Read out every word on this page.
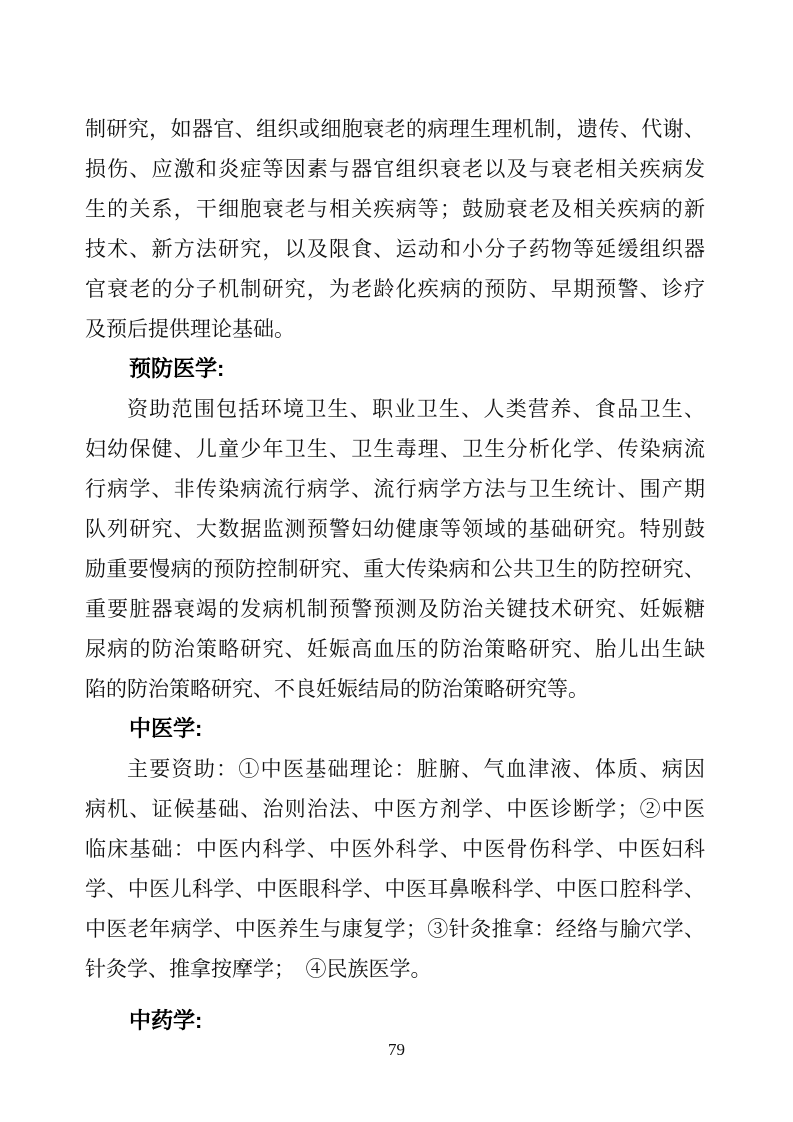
制研究，如器官、组织或细胞衰老的病理生理机制，遗传、代谢、
损伤、应激和炎症等因素与器官组织衰老以及与衰老相关疾病发
生的关系，干细胞衰老与相关疾病等；鼓励衰老及相关疾病的新
技术、新方法研究，以及限食、运动和小分子药物等延缓组织器
官衰老的分子机制研究，为老龄化疾病的预防、早期预警、诊疗
及预后提供理论基础。
预防医学:
资助范围包括环境卫生、职业卫生、人类营养、食品卫生、
妇幼保健、儿童少年卫生、卫生毒理、卫生分析化学、传染病流
行病学、非传染病流行病学、流行病学方法与卫生统计、围产期
队列研究、大数据监测预警妇幼健康等领域的基础研究。特别鼓
励重要慢病的预防控制研究、重大传染病和公共卫生的防控研究、
重要脏器衰竭的发病机制预警预测及防治关键技术研究、妊娠糖
尿病的防治策略研究、妊娠高血压的防治策略研究、胎儿出生缺
陷的防治策略研究、不良妊娠结局的防治策略研究等。
中医学:
主要资助：①中医基础理论：脏腑、气血津液、体质、病因
病机、证候基础、治则治法、中医方剂学、中医诊断学；②中医
临床基础：中医内科学、中医外科学、中医骨伤科学、中医妇科
学、中医儿科学、中医眼科学、中医耳鼻喉科学、中医口腔科学、
中医老年病学、中医养生与康复学；③针灸推拿：经络与腧穴学、
针灸学、推拿按摩学；　④民族医学。
中药学:
79
